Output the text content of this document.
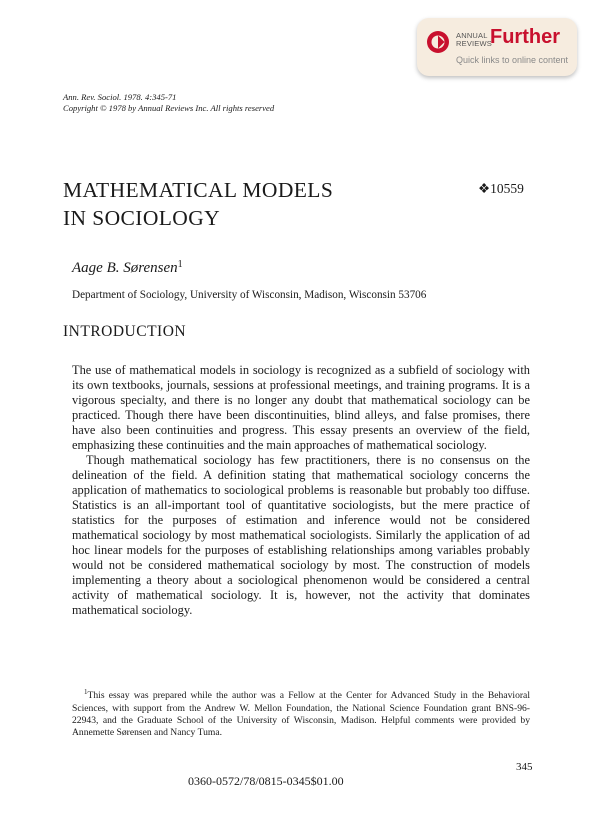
ANNUAL
REVIEWS
Further
Quick links to online content
Ann. Rev. Sociol. 1978. 4:345-71
Copyright © 1978 by Annual Reviews Inc. All rights reserved
MATHEMATICAL MODELS
IN SOCIOLOGY
❖10559
Aage B. Sørensen$^1$
Department of Sociology, University of Wisconsin, Madison, Wisconsin 53706
INTRODUCTION

The use of mathematical models in sociology is recognized as a subfield of sociology with its own textbooks, journals, sessions at professional meetings, and training programs. It is a vigorous specialty, and there is no longer any doubt that mathematical sociology can be practiced. Though there have been discontinuities, blind alleys, and false promises, there have also been continuities and progress. This essay presents an overview of the field, emphasizing these continuities and the main approaches of mathematical sociology.

Though mathematical sociology has few practitioners, there is no consensus on the delineation of the field. A definition stating that mathematical sociology concerns the application of mathematics to sociological problems is reasonable but probably too diffuse. Statistics is an all-important tool of quantitative sociologists, but the mere practice of statistics for the purposes of estimation and inference would not be considered mathematical sociology by most mathematical sociologists. Similarly the application of ad hoc linear models for the purposes of establishing relationships among variables probably would not be considered mathematical sociology by most. The construction of models implementing a theory about a sociological phenomenon would be considered a central activity of mathematical sociology. It is, however, not the activity that dominates mathematical sociology.

$^1$This essay was prepared while the author was a Fellow at the Center for Advanced Study in the Behavioral Sciences, with support from the Andrew W. Mellon Foundation, the National Science Foundation grant BNS-96-22943, and the Graduate School of the University of Wisconsin, Madison. Helpful comments were provided by Annemette Sørensen and Nancy Tuma.
345
0360-0572/78/0815-0345$01.00
